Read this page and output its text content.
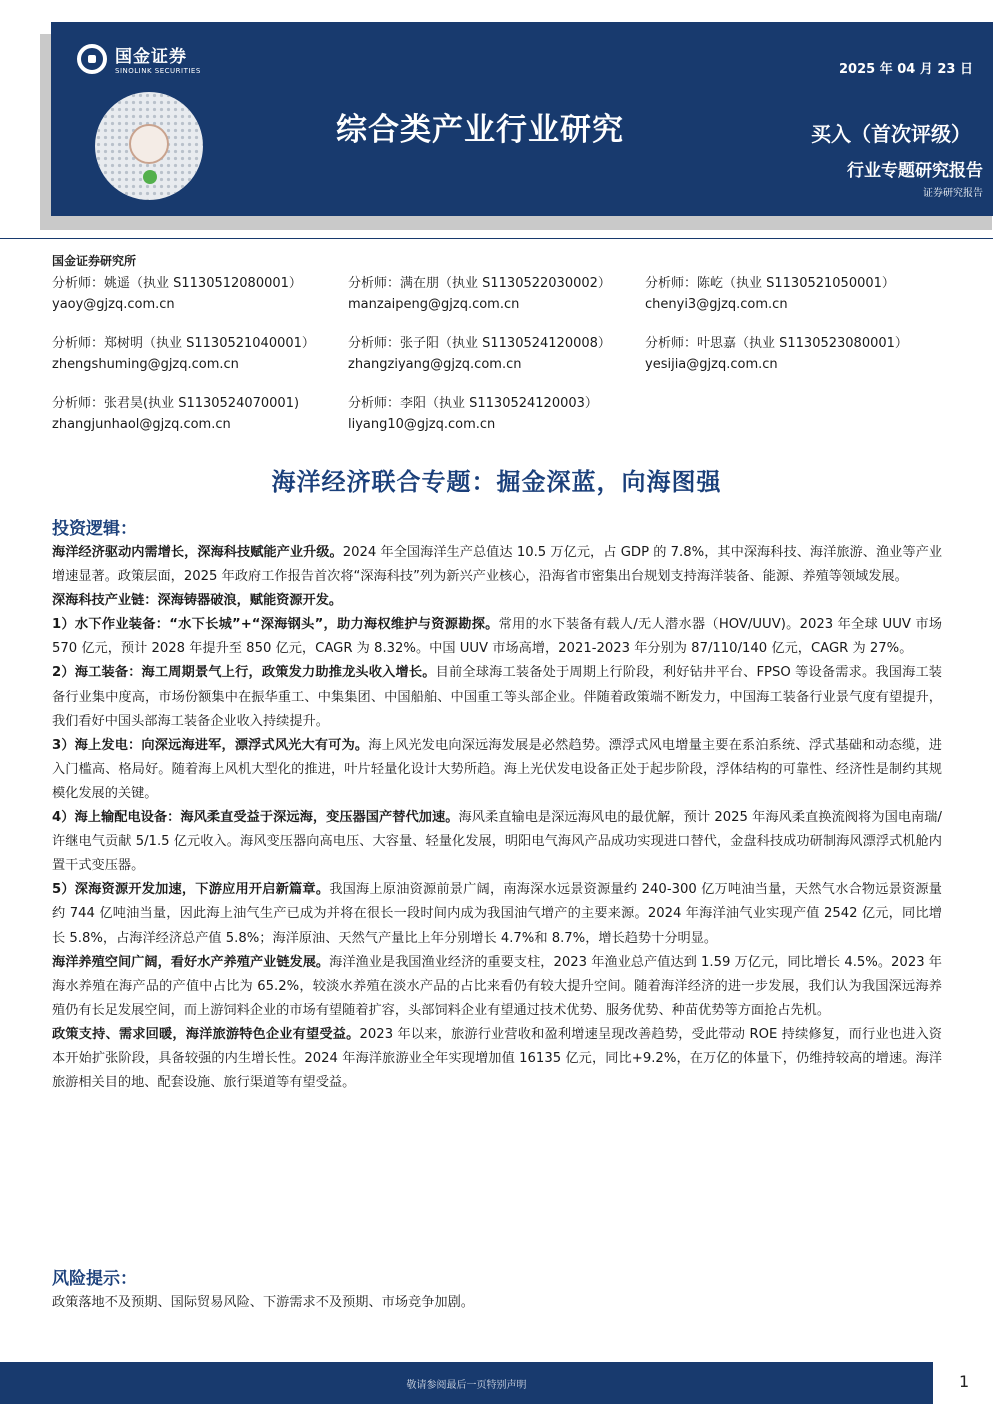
国金证券
SINOLINK SECURITIES	2025 年 04 月 23 日
综合类产业行业研究	买入（首次评级）
行业专题研究报告
证券研究报告
国金证券研究所
分析师：姚遥（执业 S1130512080001）
yaoy@gjzq.com.cn
分析师：满在朋（执业 S1130522030002）
manzaipeng@gjzq.com.cn
分析师：陈屹（执业 S1130521050001）
chenyi3@gjzq.com.cn
分析师：郑树明（执业 S1130521040001）
zhengshuming@gjzq.com.cn
分析师：张子阳（执业 S1130524120008）
zhangziyang@gjzq.com.cn
分析师：叶思嘉（执业 S1130523080001）
yesijia@gjzq.com.cn
分析师：张君昊(执业 S1130524070001)
zhangjunhaol@gjzq.com.cn
分析师：李阳（执业 S1130524120003）
liyang10@gjzq.com.cn
海洋经济联合专题：掘金深蓝，向海图强
投资逻辑：

海洋经济驱动内需增长，深海科技赋能产业升级。2024 年全国海洋生产总值达 10.5 万亿元，占 GDP 的 7.8%，其中深海科技、海洋旅游、渔业等产业增速显著。政策层面，2025 年政府工作报告首次将“深海科技”列为新兴产业核心，沿海省市密集出台规划支持海洋装备、能源、养殖等领域发展。

深海科技产业链：深海铸器破浪，赋能资源开发。

1）水下作业装备：“水下长城”+“深海钢头”，助力海权维护与资源勘探。常用的水下装备有载人/无人潜水器（HOV/UUV)。2023 年全球 UUV 市场 570 亿元，预计 2028 年提升至 850 亿元，CAGR 为 8.32%。中国 UUV 市场高增，2021-2023 年分别为 87/110/140 亿元，CAGR 为 27%。

2）海工装备：海工周期景气上行，政策发力助推龙头收入增长。目前全球海工装备处于周期上行阶段，利好钻井平台、FPSO 等设备需求。我国海工装备行业集中度高，市场份额集中在振华重工、中集集团、中国船舶、中国重工等头部企业。伴随着政策端不断发力，中国海工装备行业景气度有望提升，我们看好中国头部海工装备企业收入持续提升。

3）海上发电：向深远海进军，漂浮式风光大有可为。海上风光发电向深远海发展是必然趋势。漂浮式风电增量主要在系泊系统、浮式基础和动态缆，进入门槛高、格局好。随着海上风机大型化的推进，叶片轻量化设计大势所趋。海上光伏发电设备正处于起步阶段，浮体结构的可靠性、经济性是制约其规模化发展的关键。

4）海上输配电设备：海风柔直受益于深远海，变压器国产替代加速。海风柔直输电是深远海风电的最优解，预计 2025 年海风柔直换流阀将为国电南瑞/许继电气贡献 5/1.5 亿元收入。海风变压器向高电压、大容量、轻量化发展，明阳电气海风产品成功实现进口替代，金盘科技成功研制海风漂浮式机舱内置干式变压器。

5）深海资源开发加速，下游应用开启新篇章。我国海上原油资源前景广阔，南海深水远景资源量约 240-300 亿万吨油当量，天然气水合物远景资源量约 744 亿吨油当量，因此海上油气生产已成为并将在很长一段时间内成为我国油气增产的主要来源。2024 年海洋油气业实现产值 2542 亿元，同比增长 5.8%，占海洋经济总产值 5.8%；海洋原油、天然气产量比上年分别增长 4.7%和 8.7%，增长趋势十分明显。

海洋养殖空间广阔，看好水产养殖产业链发展。海洋渔业是我国渔业经济的重要支柱，2023 年渔业总产值达到 1.59 万亿元，同比增长 4.5%。2023 年海水养殖在海产品的产值中占比为 65.2%，较淡水养殖在淡水产品的占比来看仍有较大提升空间。随着海洋经济的进一步发展，我们认为我国深远海养殖仍有长足发展空间，而上游饲料企业的市场有望随着扩容，头部饲料企业有望通过技术优势、服务优势、种苗优势等方面抢占先机。

政策支持、需求回暖，海洋旅游特色企业有望受益。2023 年以来，旅游行业营收和盈利增速呈现改善趋势，受此带动 ROE 持续修复，而行业也进入资本开始扩张阶段，具备较强的内生增长性。2024 年海洋旅游业全年实现增加值 16135 亿元，同比+9.2%，在万亿的体量下，仍维持较高的增速。海洋旅游相关目的地、配套设施、旅行渠道等有望受益。

风险提示：
政策落地不及预期、国际贸易风险、下游需求不及预期、市场竞争加剧。
敬请参阅最后一页特别声明	1
